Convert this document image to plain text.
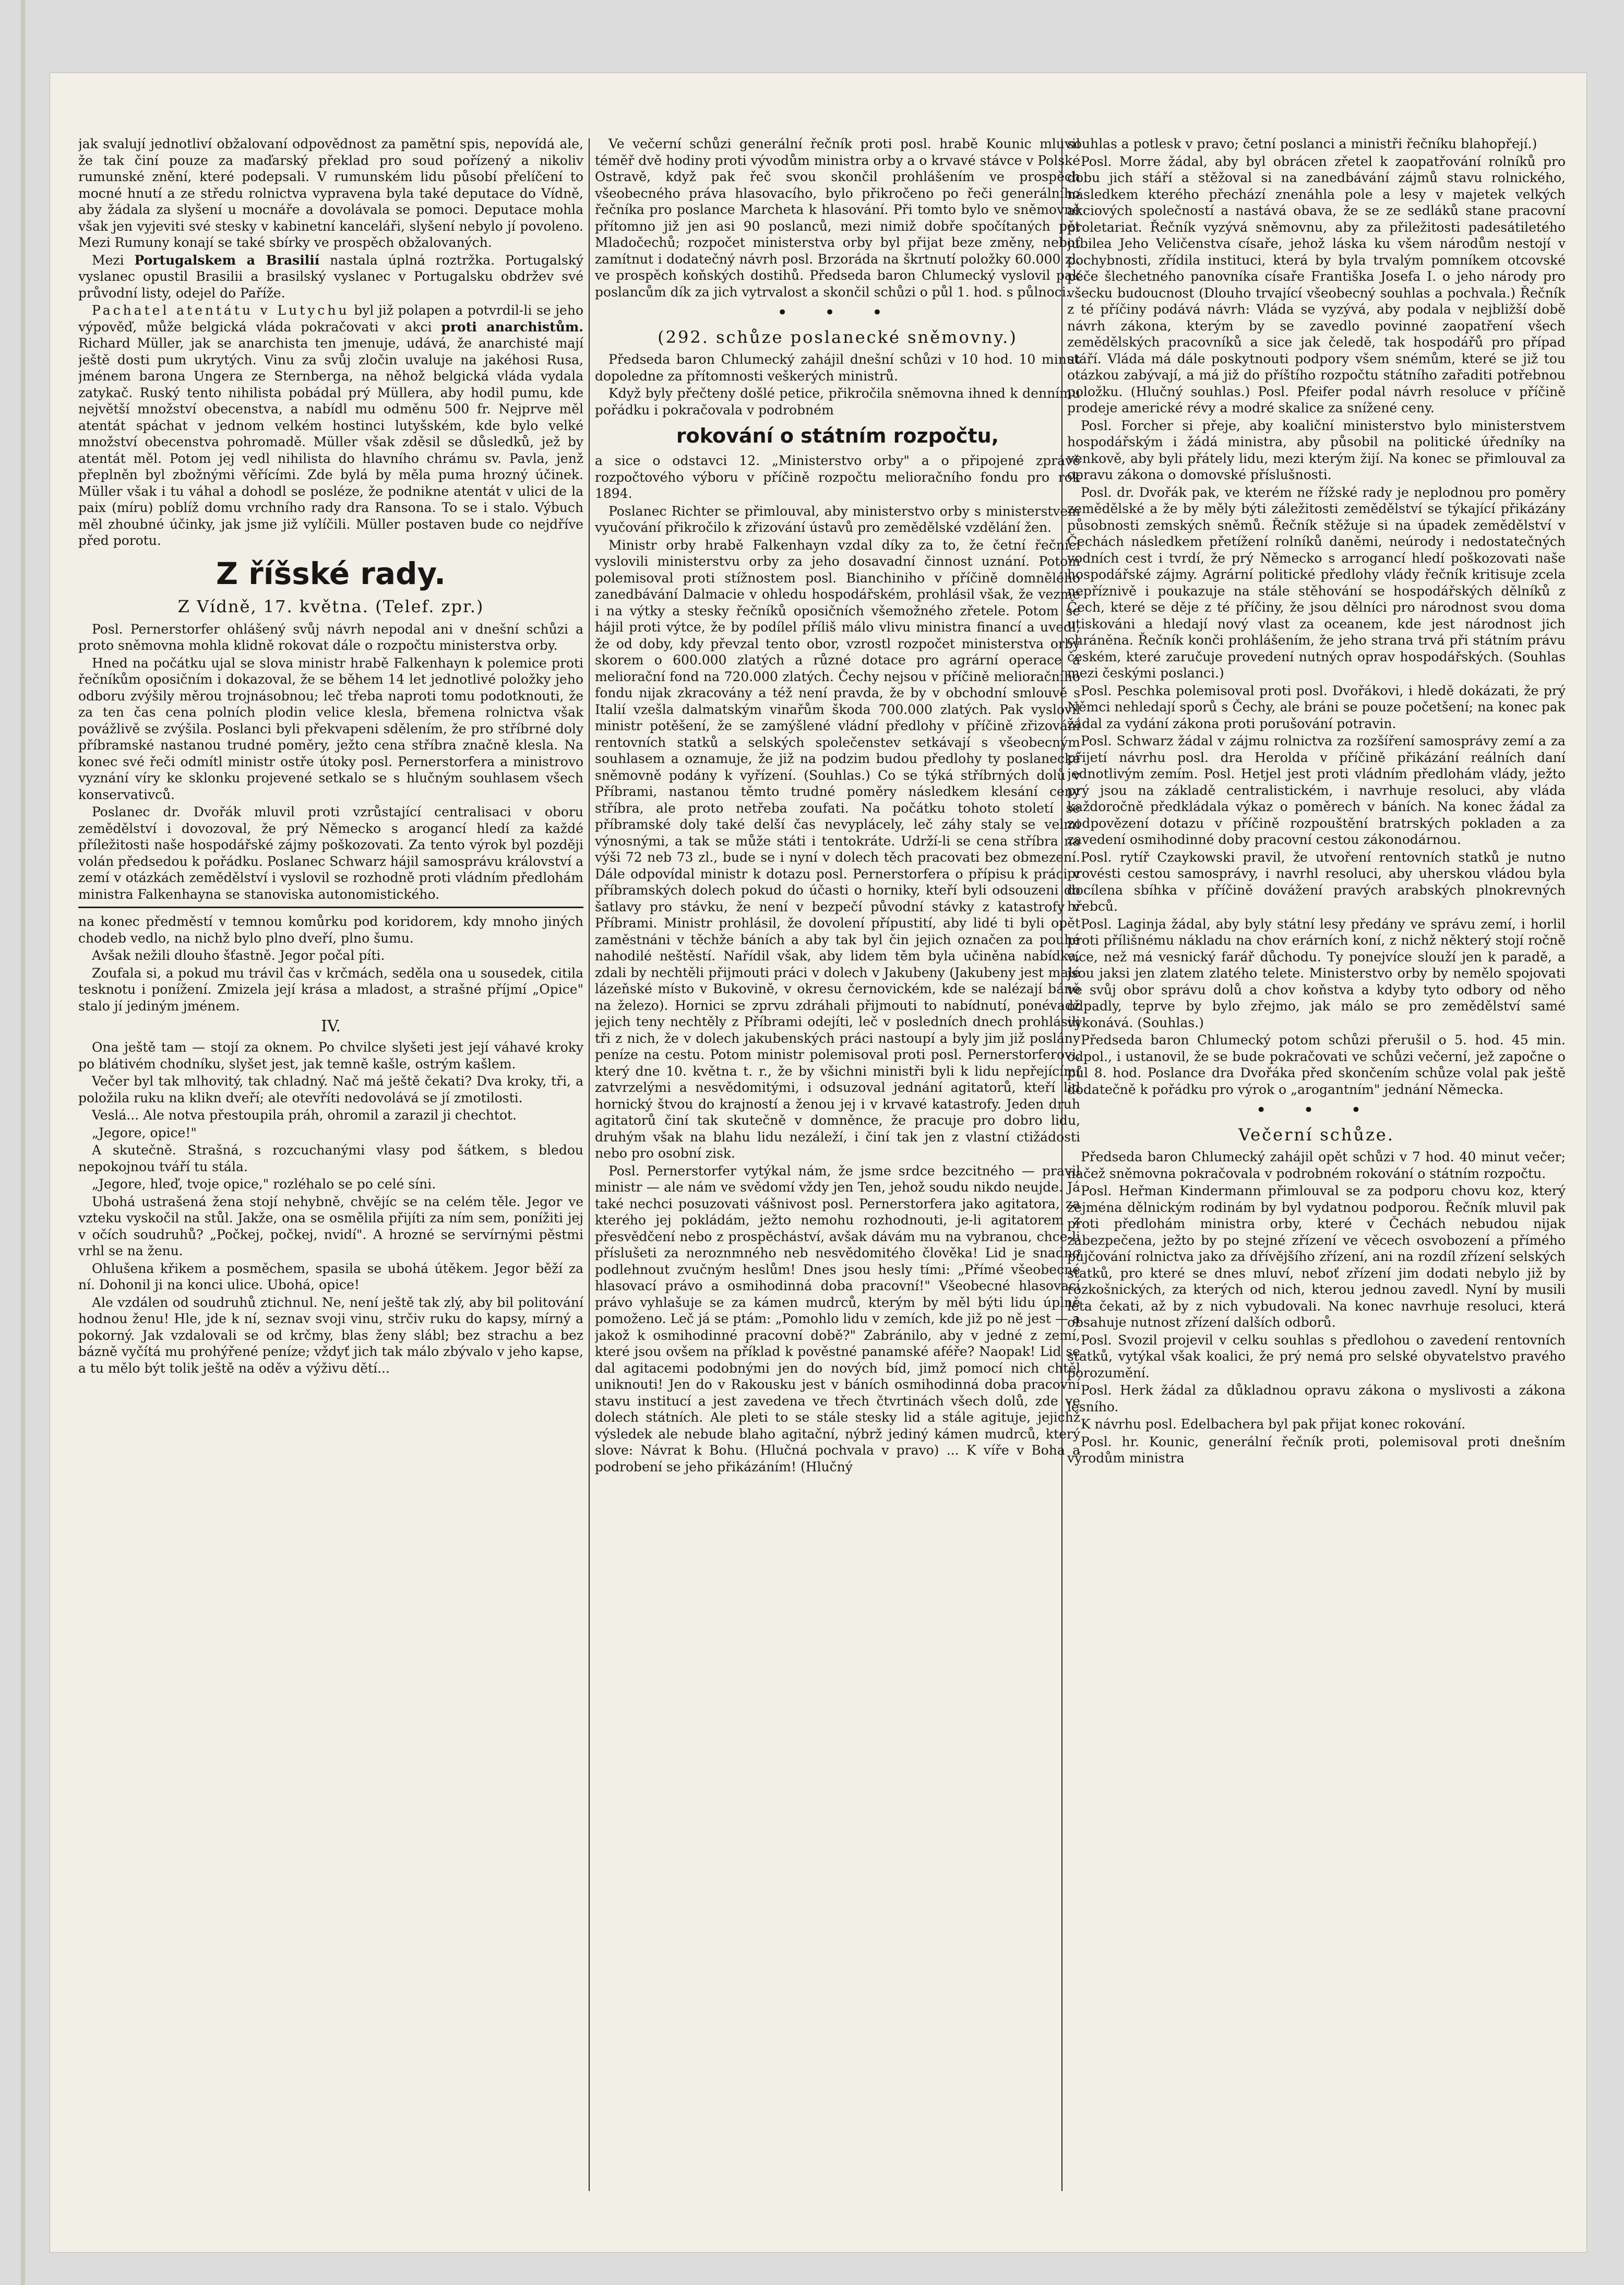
jak svalují jednotliví obžalovaní odpovědnost za pamětní spis, nepovídá ale, že tak činí pouze za maďarský překlad pro soud pořízený a nikoliv rumunské znění, které podepsali. V rumunském lidu působí přelíčení to mocné hnutí a ze středu rolnictva vypravena byla také deputace do Vídně, aby žádala za slyšení u mocnáře a dovolávala se pomoci. Deputace mohla však jen vyjeviti své stesky v kabinetní kanceláři, slyšení nebylo jí povoleno. Mezi Rumuny konají se také sbírky ve prospěch obžalovaných.

Mezi Portugalskem a Brasilií nastala úplná roztržka. Portugalský vyslanec opustil Brasilii a brasilský vyslanec v Portugalsku obdržev své průvodní listy, odejel do Paříže.

Pachatel atentátu v Lutychu byl již polapen a potvrdil-li se jeho výpověď, může belgická vláda pokračovati v akci proti anarchistům. Richard Müller, jak se anarchista ten jmenuje, udává, že anarchisté mají ještě dosti pum ukrytých. Vinu za svůj zločin uvaluje na jakéhosi Rusa, jménem barona Ungera ze Sternberga, na něhož belgická vláda vydala zatykač. Ruský tento nihilista pobádal prý Müllera, aby hodil pumu, kde největší množství obecenstva, a nabídl mu odměnu 500 fr. Nejprve měl atentát spáchat v jednom velkém hostinci lutyšském, kde bylo velké množství obecenstva pohromadě. Müller však zděsil se důsledků, jež by atentát měl. Potom jej vedl nihilista do hlavního chrámu sv. Pavla, jenž přeplněn byl zbožnými věřícími. Zde bylá by měla puma hrozný účinek. Müller však i tu váhal a dohodl se posléze, že podnikne atentát v ulici de la paix (míru) poblíž domu vrchního rady dra Ransona. To se i stalo. Výbuch měl zhoubné účinky, jak jsme již vylíčili. Müller postaven bude co nejdříve před porotu.

Z říšské rady.
Z Vídně, 17. května. (Telef. zpr.)

Posl. Pernerstorfer ohlášený svůj návrh nepodal ani v dnešní schůzi a proto sněmovna mohla klidně rokovat dále o rozpočtu ministerstva orby.

Hned na počátku ujal se slova ministr hrabě Falkenhayn k polemice proti řečníkům oposičním i dokazoval, že se během 14 let jednotlivé položky jeho odboru zvýšily měrou trojnásobnou; leč třeba naproti tomu podotknouti, že za ten čas cena polních plodin velice klesla, břemena rolnictva však povážlivě se zvýšila. Poslanci byli překvapeni sdělením, že pro stříbrné doly příbramské nastanou trudné poměry, ježto cena stříbra značně klesla. Na konec své řeči odmítl ministr ostře útoky posl. Pernerstorfera a ministrovo vyznání víry ke sklonku projevené setkalo se s hlučným souhlasem všech konservativců.

Poslanec dr. Dvořák mluvil proti vzrůstající centralisaci v oboru zemědělství i dovozoval, že prý Německo s arogancí hledí za každé příležitosti naše hospodářské zájmy poškozovati. Za tento výrok byl později volán předsedou k pořádku. Poslanec Schwarz hájil samosprávu království a zemí v otázkách zemědělství i vyslovil se rozhodně proti vládním předlohám ministra Falkenhayna se stanoviska autonomistického.

na konec předměstí v temnou komůrku pod koridorem, kdy mnoho jiných chodeb vedlo, na nichž bylo plno dveří, plno šumu.

Avšak nežili dlouho šťastně. Jegor počal píti.

Zoufala si, a pokud mu trávil čas v krčmách, seděla ona u sousedek, citila tesknotu i ponížení. Zmizela její krása a mladost, a strašné příjmí „Opice" stalo jí jediným jménem.

IV.

Ona ještě tam — stojí za oknem. Po chvilce slyšeti jest její váhavé kroky po blátivém chodníku, slyšet jest, jak temně kašle, ostrým kašlem.

Večer byl tak mlhovitý, tak chladný. Nač má ještě čekati? Dva kroky, tři, a položila ruku na klikn dveří; ale otevříti nedovolává se jí zmotilosti.

Veslá... Ale notva přestoupila práh, ohromil a zarazil ji chechtot.

„Jegore, opice!"

A skutečně. Strašná, s rozcuchanými vlasy pod šátkem, s bledou nepokojnou tváří tu stála.

„Jegore, hleď, tvoje opice," rozléhalo se po celé síni.

Ubohá ustrašená žena stojí nehybně, chvějíc se na celém těle. Jegor ve vzteku vyskočil na stůl. Jakže, ona se osmělila přijíti za ním sem, ponížiti jej v očích soudruhů? „Počkej, počkej, nvidí". A hrozné se servírnými pěstmi vrhl se na ženu.

Ohlušena křikem a posměchem, spasila se ubohá útěkem. Jegor běží za ní. Dohonil ji na konci ulice. Ubohá, opice!

Ale vzdálen od soudruhů ztichnul. Ne, není ještě tak zlý, aby bil politování hodnou ženu! Hle, jde k ní, seznav svoji vinu, strčiv ruku do kapsy, mírný a pokorný. Jak vzdalovali se od krčmy, blas ženy slábl; bez strachu a bez bázně vyčítá mu prohýřené peníze; vždyť jich tak málo zbývalo v jeho kapse, a tu mělo být tolik ještě na oděv a výživu dětí...

Ve večerní schůzi generální řečník proti posl. hrabě Kounic mluvil téměř dvě hodiny proti vývodům ministra orby a o krvavé stávce v Polské Ostravě, když pak řeč svou skončil prohlášením ve prospěch všeobecného práva hlasovacího, bylo přikročeno po řeči generálního řečníka pro poslance Marcheta k hlasování. Při tomto bylo ve sněmovně přítomno již jen asi 90 poslanců, mezi nimiž dobře spočítaných pět Mladočechů; rozpočet ministerstva orby byl přijat beze změny, neboť zamítnut i dodatečný návrh posl. Brzoráda na škrtnutí položky 60.000 zl. ve prospěch koňských dostihů. Předseda baron Chlumecký vyslovil pak poslancům dík za jich vytrvalost a skončil schůzi o půl 1. hod. s půlnoci.

• • •
(292. schůze poslanecké sněmovny.)

Předseda baron Chlumecký zahájil dnešní schůzi v 10 hod. 10 minut dopoledne za přítomnosti veškerých ministrů.

Když byly přečteny došlé petice, přikročila sněmovna ihned k dennímu pořádku i pokračovala v podrobném

rokování o státním rozpočtu,

a sice o odstavci 12. „Ministerstvo orby" a o připojené zprávě rozpočtového výboru v příčině rozpočtu melioračního fondu pro rok 1894.

Poslanec Richter se přimlouval, aby ministerstvo orby s ministerstvem vyučování přikročilo k zřizování ústavů pro zemědělské vzdělání žen.

Ministr orby hrabě Falkenhayn vzdal díky za to, že četní řečníci vyslovili ministerstvu orby za jeho dosavadní činnost uznání. Potom polemisoval proti stížnostem posl. Bianchiniho v příčině domnělého zanedbávání Dalmacie v ohledu hospodářském, prohlásil však, že vezme i na výtky a stesky řečníků oposičních všemožného zřetele. Potom se hájil proti výtce, že by podílel příliš málo vlivu ministra financí a uvedl, že od doby, kdy převzal tento obor, vzrostl rozpočet ministerstva orby skorem o 600.000 zlatých a různé dotace pro agrární operace a meliorační fond na 720.000 zlatých. Čechy nejsou v příčině melioračního fondu nijak zkracovány a též není pravda, že by v obchodní smlouvě s Italií vzešla dalmatským vinařům škoda 700.000 zlatých. Pak vyslovil ministr potěšení, že se zamýšlené vládní předlohy v příčině zřizování rentovních statků a selských společenstev setkávají s všeobecným souhlasem a oznamuje, že již na podzim budou předlohy ty poslanecké sněmovně podány k vyřízení. (Souhlas.) Co se týká stříbrných dolů v Příbrami, nastanou těmto trudné poměry následkem klesání ceny stříbra, ale proto netřeba zoufati. Na počátku tohoto století se příbramské doly také delší čas nevyplácely, leč záhy staly se velmi výnosnými, a tak se může státi i tentokráte. Udrží-li se cena stříbra na výši 72 neb 73 zl., bude se i nyní v dolech těch pracovati bez obmezení. Dále odpovídal ministr k dotazu posl. Pernerstorfera o přípisu k práci v příbramských dolech pokud do účasti o horniky, kteří byli odsouzeni do šatlavy pro stávku, že není v bezpečí původní stávky z katastrofy v Příbrami. Ministr prohlásil, že dovolení přípustití, aby lidé ti byli opět zaměstnáni v těchže báních a aby tak byl čin jejich označen za pouhé nahodilé neštěstí. Nařídil však, aby lidem těm byla učiněna nabídka, zdali by nechtěli přijmouti práci v dolech v Jakubeny (Jakubeny jest malé lázeňské místo v Bukovině, v okresu černovickém, kde se nalézají báně na železo). Hornici se zprvu zdráhali přijmouti to nabídnutí, ponévadž jejich teny nechtěly z Příbrami odejíti, leč v posledních dnech prohlásili tři z nich, že v dolech jakubenských práci nastoupí a byly jim již poslány peníze na cestu. Potom ministr polemisoval proti posl. Pernerstorferovi, který dne 10. května t. r., že by všichni ministři byli k lidu nepřejícími zatvrzelými a nesvědomitými, i odsuzoval jednání agitatorů, kteří lid hornický štvou do krajností a ženou jej i v krvavé katastrofy. Jeden druh agitatorů činí tak skutečně v domněnce, že pracuje pro dobro lidu, druhým však na blahu lidu nezáleží, i činí tak jen z vlastní ctižádosti nebo pro osobní zisk.

Posl. Pernerstorfer vytýkal nám, že jsme srdce bezcitného — pravil ministr — ale nám ve svědomí vždy jen Ten, jehož soudu nikdo neujde. Já také nechci posuzovati vášnivost posl. Pernerstorfera jako agitatora, za kterého jej pokládám, ježto nemohu rozhodnouti, je-li agitatorem z přesvědčení nebo z prospěcháství, avšak dávám mu na vybranou, chce-li příslušeti za neroznmného neb nesvědomitého člověka! Lid je snadno podlehnout zvučným heslům! Dnes jsou hesly tími: „Přímé všeobecné hlasovací právo a osmihodinná doba pracovní!" Všeobecné hlasovací právo vyhlašuje se za kámen mudrců, kterým by měl býti lidu úplně pomoženo. Leč já se ptám: „Pomohlo lidu v zemích, kde již po ně jest — a jakož k osmihodinné pracovní době?" Zabránilo, aby v jedné z zemí, které jsou ovšem na příklad k pověstné panamské aféře? Naopak! Lid se dal agitacemi podobnými jen do nových bíd, jimž pomocí nich chtěl uniknouti! Jen do v Rakousku jest v báních osmihodinná doba pracovní stavu institucí a jest zavedena ve třech čtvrtinách všech dolů, zde ve dolech státních. Ale pleti to se stále stesky lid a stále agituje, jejichž výsledek ale nebude blaho agitační, nýbrž jediný kámen mudrců, který slove: Návrat k Bohu. (Hlučná pochvala v pravo) ... K víře v Boha a podrobení se jeho přikázáním! (Hlučný

souhlas a potlesk v pravo; četní poslanci a ministři řečníku blahopřejí.)

Posl. Morre žádal, aby byl obrácen zřetel k zaopatřování rolníků pro dobu jich stáří a stěžoval si na zanedbávání zájmů stavu rolnického, následkem kterého přechází znenáhla pole a lesy v majetek velkých akciových společností a nastává obava, že se ze sedláků stane pracovní proletariat. Řečník vyzývá sněmovnu, aby za přiležitosti padesátiletého jubilea Jeho Veličenstva císaře, jehož láska ku všem národům nestojí v pochybnosti, zřídila instituci, která by byla trvalým pomníkem otcovské péče šlechetného panovníka císaře Františka Josefa I. o jeho národy pro všecku budoucnost (Dlouho trvající všeobecný souhlas a pochvala.) Řečník z té příčiny podává návrh: Vláda se vyzývá, aby podala v nejbližší době návrh zákona, kterým by se zavedlo povinné zaopatření všech zemědělských pracovníků a sice jak čeledě, tak hospodářů pro případ stáří. Vláda má dále poskytnouti podpory všem snémům, které se již tou otázkou zabývají, a má již do příštího rozpočtu státního zařaditi potřebnou položku. (Hlučný souhlas.) Posl. Pfeifer podal návrh resoluce v příčině prodeje americké révy a modré skalice za snížené ceny.

Posl. Forcher si přeje, aby koaliční ministerstvo bylo ministerstvem hospodářským i žádá ministra, aby působil na politické úředníky na venkově, aby byli přátely lidu, mezi kterým žijí. Na konec se přimlouval za opravu zákona o domovské příslušnosti.

Posl. dr. Dvořák pak, ve kterém ne řížské rady je neplodnou pro poměry zemědělské a že by měly býti záležitosti zemědělství se týkající přikázány působnosti zemských sněmů. Řečník stěžuje si na úpadek zemědělství v Čechách následkem přetížení rolníků daněmi, neúrody i nedostatečných vodních cest i tvrdí, že prý Německo s arrogancí hledí poškozovati naše hospodářské zájmy. Agrární politické předlohy vlády řečník kritisuje zcela nepříznivě i poukazuje na stále stěhování se hospodářských dělníků z Čech, které se děje z té příčiny, že jsou dělníci pro národnost svou doma utiskováni a hledají nový vlast za oceanem, kde jest národnost jich chráněna. Řečník konči prohlášením, že jeho strana trvá při státním právu českém, které zaručuje provedení nutných oprav hospodářských. (Souhlas mezi českými poslanci.)

Posl. Peschka polemisoval proti posl. Dvořákovi, i hledě dokázati, že prý Němci nehledají sporů s Čechy, ale bráni se pouze početšení; na konec pak žádal za vydání zákona proti porušování potravin.

Posl. Schwarz žádal v zájmu rolnictva za rozšíření samosprávy zemí a za přijetí návrhu posl. dra Herolda v příčině přikázání reálních daní jednotlivým zemím. Posl. Hetjel jest proti vládním předlohám vlády, ježto prý jsou na základě centralistickém, i navrhuje resoluci, aby vláda každoročně předkládala výkaz o poměrech v báních. Na konec žádal za zodpovězení dotazu v příčině rozpouštění bratrských pokladen a za zavedení osmihodinné doby pracovní cestou zákonodárnou.

Posl. rytíř Czaykowski pravil, že utvoření rentovních statků je nutno provésti cestou samosprávy, i navrhl resoluci, aby uherskou vládou byla docílena sbíhka v příčině dovážení pravých arabských plnokrevných hřebců.

Posl. Laginja žádal, aby byly státní lesy předány ve správu zemí, i horlil proti přílišnému nákladu na chov erárních koní, z nichž některý stojí ročně více, než má vesnický farář důchodu. Ty ponejvíce slouží jen k paradě, a jsou jaksi jen zlatem zlatého telete. Ministerstvo orby by nemělo spojovati ve svůj obor správu dolů a chov koňstva a kdyby tyto odbory od něho odpadly, teprve by bylo zřejmo, jak málo se pro zemědělství samé vykonává. (Souhlas.)

Předseda baron Chlumecký potom schůzi přerušil o 5. hod. 45 min. odpol., i ustanovil, že se bude pokračovati ve schůzi večerní, jež započne o půl 8. hod. Poslance dra Dvořáka před skončením schůze volal pak ještě dodatečně k pořádku pro výrok o „arogantním" jednání Německa.

• • •
Večerní schůze.

Předseda baron Chlumecký zahájil opět schůzi v 7 hod. 40 minut večer; načež sněmovna pokračovala v podrobném rokování o státním rozpočtu.

Posl. Heřman Kindermann přimlouval se za podporu chovu koz, který zejména dělnickým rodinám by byl vydatnou podporou. Řečník mluvil pak proti předlohám ministra orby, které v Čechách nebudou nijak zabezpečena, ježto by po stejné zřízení ve věcech osvobození a přímého půjčování rolnictva jako za dřívějšího zřízení, ani na rozdíl zřízení selských statků, pro které se dnes mluví, neboť zřízení jim dodati nebylo již by rozkošnických, za kterých od nich, kterou jednou zavedl. Nyní by musili léta čekati, až by z nich vybudovali. Na konec navrhuje resoluci, která obsahuje nutnost zřízení dalších odborů.

Posl. Svozil projevil v celku souhlas s předlohou o zavedení rentovních statků, vytýkal však koalici, že prý nemá pro selské obyvatelstvo pravého porozumění.

Posl. Herk žádal za důkladnou opravu zákona o myslivosti a zákona lesního.

K návrhu posl. Edelbachera byl pak přijat konec rokování.

Posl. hr. Kounic, generální řečník proti, polemisoval proti dnešním výrodům ministra
